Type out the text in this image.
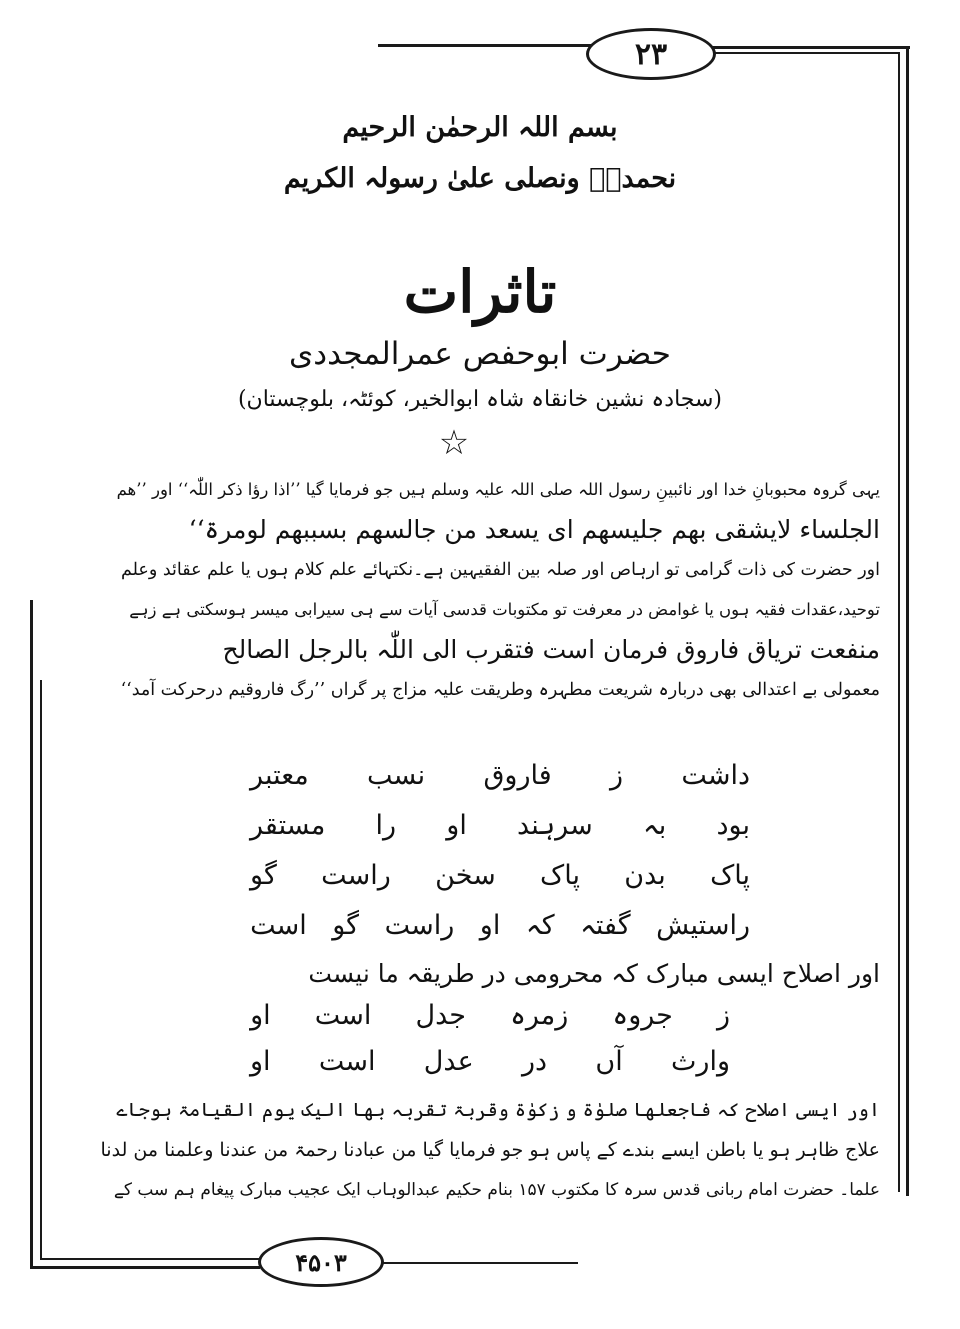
۲۳
۴۵۰۳
بسم اللہ الرحمٰن الرحیم
نحمدہٗ ونصلی علیٰ رسولہ الکریم
تاثرات
حضرت ابوحفص عمرالمجددی
(سجادہ نشین خانقاہ شاہ ابوالخیر، کوئٹہ، بلوچستان)
☆
یہی گروہ محبوبانِ خدا اور نائبینِ رسول اللہ صلی اللہ علیہ وسلم ہیں جو فرمایا گیا ’’اذا رؤا ذکر اللّٰہ‘‘ اور ’’ھم
الجلساء لایشقی بھم جلیسھم ای یسعد من جالسھم بسببھم لومرۃ‘‘
اور حضرت کی ذات گرامی تو ارہاص اور صلہ بین الفقیہین ہے۔نکتہائے علم کلام ہوں یا علم عقائد وعلم
توحید،عقدات فقیہ ہوں یا غوامض در معرفت تو مکتوبات قدسی آیات سے ہی سیرابی میسر ہوسکتی ہے زہے
منفعت تریاق فاروق فرمان است فتقرب الی اللّٰہ بالرجل الصالح
معمولی بے اعتدالی بھی دربارہ شریعت مطہرہ وطریقت علیہ مزاج پر گراں ’’رگ فاروقیم درحرکت آمد‘‘
داشت
ز
فاروق
نسب
معتبر
بود
بہ
سرہند
او
را
مستقر
پاک
بدن
پاک
سخن
راست
گو
راستیش
گفتہ
کہ
او
راست
گو
است
اور اصلاح ایسی مبارک کہ محرومی در طریقہ ما نیست
ز
جروہ
زمرہ
جدل
است
او
وارث
آں
در
عدل
است
او
اور ایسی اصلاح کہ فاجعلھا صلوٰۃ و زکوٰۃ وقربۃ تقربہ بھا الیک یوم القیامۃ ہوجاے
علاج ظاہر ہو یا باطن ایسے بندے کے پاس ہو جو فرمایا گیا من عبادنا رحمۃ من عندنا وعلمنا من لدنا
علما۔ حضرت امام ربانی قدس سرہ کا مکتوب ۱۵۷ بنام حکیم عبدالوہاب ایک عجیب مبارک پیغام ہم سب کے
